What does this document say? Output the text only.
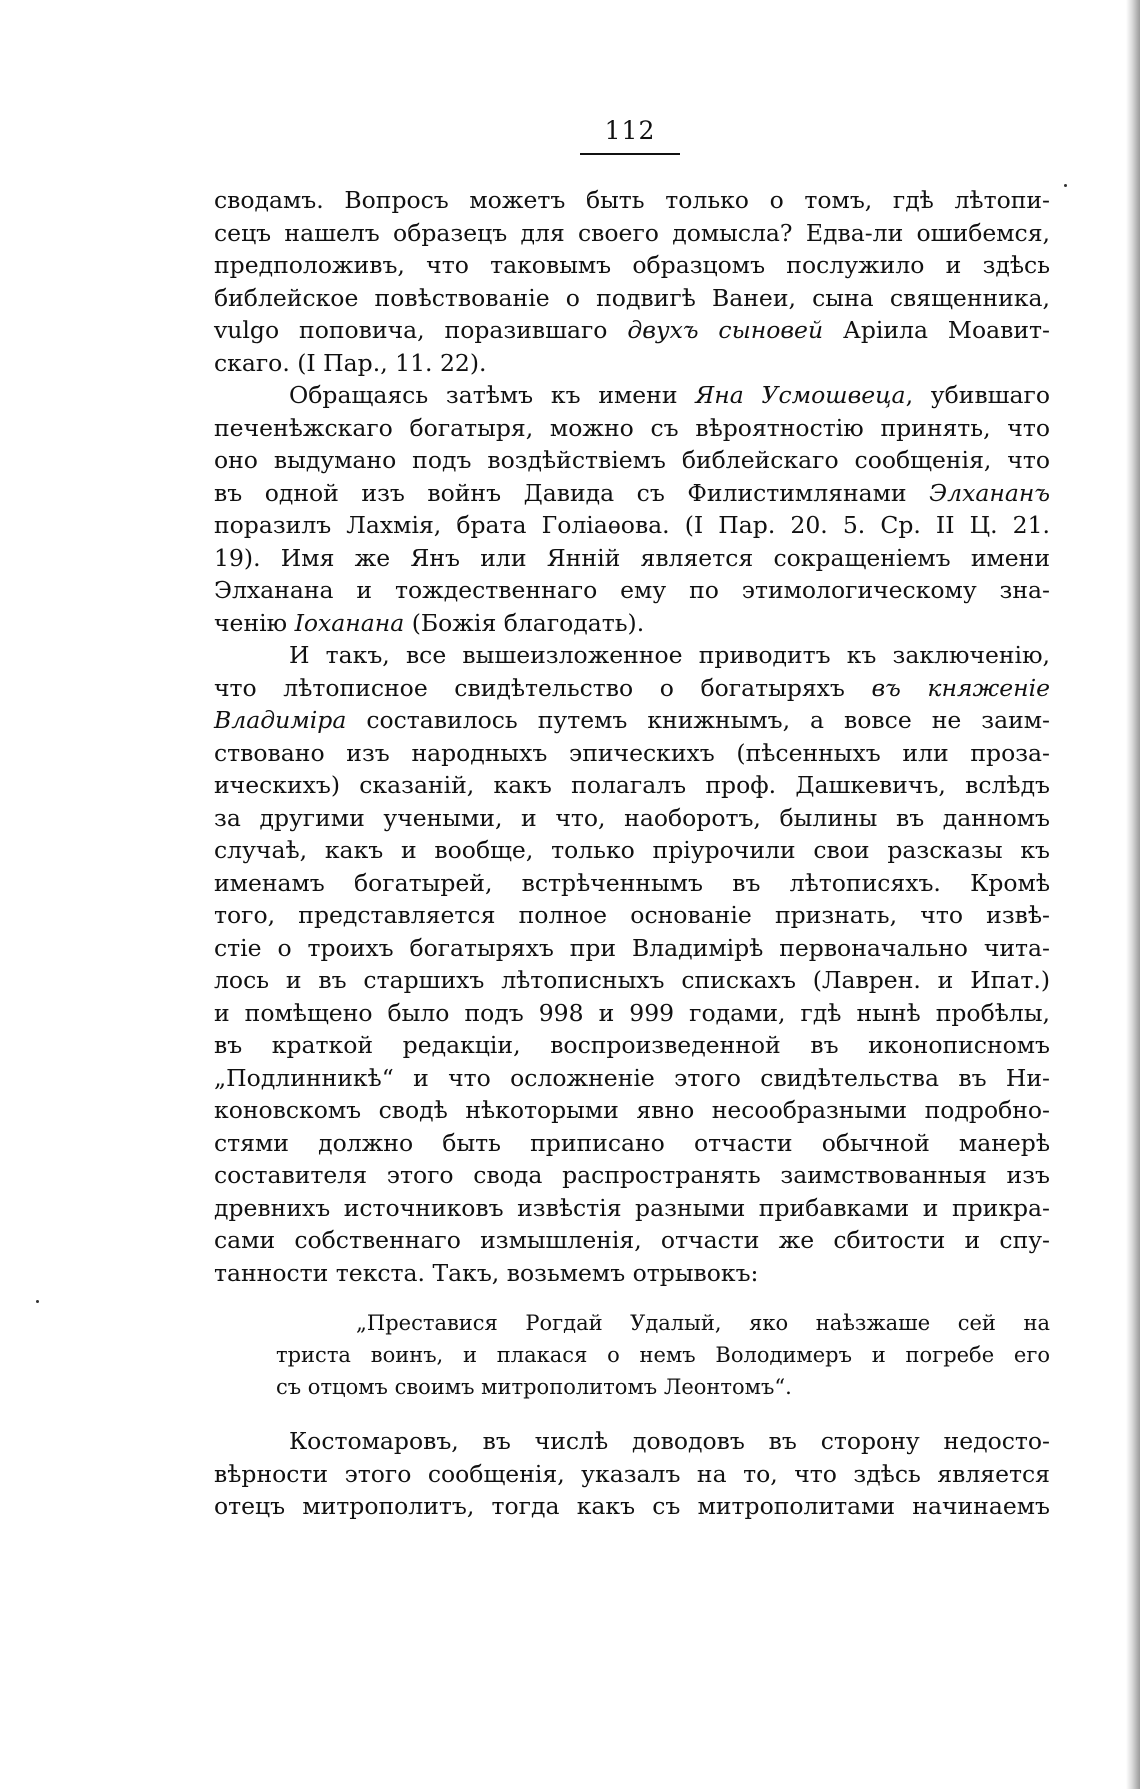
112
сводамъ. Вопросъ можетъ быть только о томъ, гдѣ лѣтопи-
сецъ нашелъ образецъ для своего домысла? Едва-ли ошибемся,
предположивъ, что таковымъ образцомъ послужило и здѣсь
библейское повѣствованіе о подвигѣ Ванеи, сына священника,
vulgo поповича, поразившаго двухъ сыновей Аріила Моавит-
скаго. (I Пар., 11. 22).
Обращаясь затѣмъ къ имени Яна Усмошвеца, убившаго
печенѣжскаго богатыря, можно съ вѣроятностію принять, что
оно выдумано подъ воздѣйствіемъ библейскаго сообщенія, что
въ одной изъ войнъ Давида съ Филистимлянами Элхананъ
поразилъ Лахмія, брата Голіаѳова. (I Пар. 20. 5. Ср. II Ц. 21.
19). Имя же Янъ или Янній является сокращеніемъ имени
Элханана и тождественнаго ему по этимологическому зна-
ченію Іоханана (Божія благодать).
И такъ, все вышеизложенное приводитъ къ заключенію,
что лѣтописное свидѣтельство о богатыряхъ въ княженіе
Владиміра составилось путемъ книжнымъ, а вовсе не заим-
ствовано изъ народныхъ эпическихъ (пѣсенныхъ или проза-
ическихъ) сказаній, какъ полагалъ проф. Дашкевичъ, вслѣдъ
за другими учеными, и что, наоборотъ, былины въ данномъ
случаѣ, какъ и вообще, только пріурочили свои разсказы къ
именамъ богатырей, встрѣченнымъ въ лѣтописяхъ. Кромѣ
того, представляется полное основаніе признать, что извѣ-
стіе о троихъ богатыряхъ при Владимірѣ первоначально чита-
лось и въ старшихъ лѣтописныхъ спискахъ (Лаврен. и Ипат.)
и помѣщено было подъ 998 и 999 годами, гдѣ нынѣ пробѣлы,
въ краткой редакціи, воспроизведенной въ иконописномъ
„Подлинникѣ“ и что осложненіе этого свидѣтельства въ Ни-
коновскомъ сводѣ нѣкоторыми явно несообразными подробно-
стями должно быть приписано отчасти обычной манерѣ
составителя этого свода распространять заимствованныя изъ
древнихъ источниковъ извѣстія разными прибавками и прикра-
сами собственнаго измышленія, отчасти же сбитости и спу-
танности текста. Такъ, возьмемъ отрывокъ:
„Преставися Рогдай Удалый, яко наѣзжаше сей на
триста воинъ, и плакася о немъ Володимеръ и погребе его
съ отцомъ своимъ митрополитомъ Леонтомъ“.
Костомаровъ, въ числѣ доводовъ въ сторону недосто-
вѣрности этого сообщенія, указалъ на то, что здѣсь является
отецъ митрополитъ, тогда какъ съ митрополитами начинаемъ
